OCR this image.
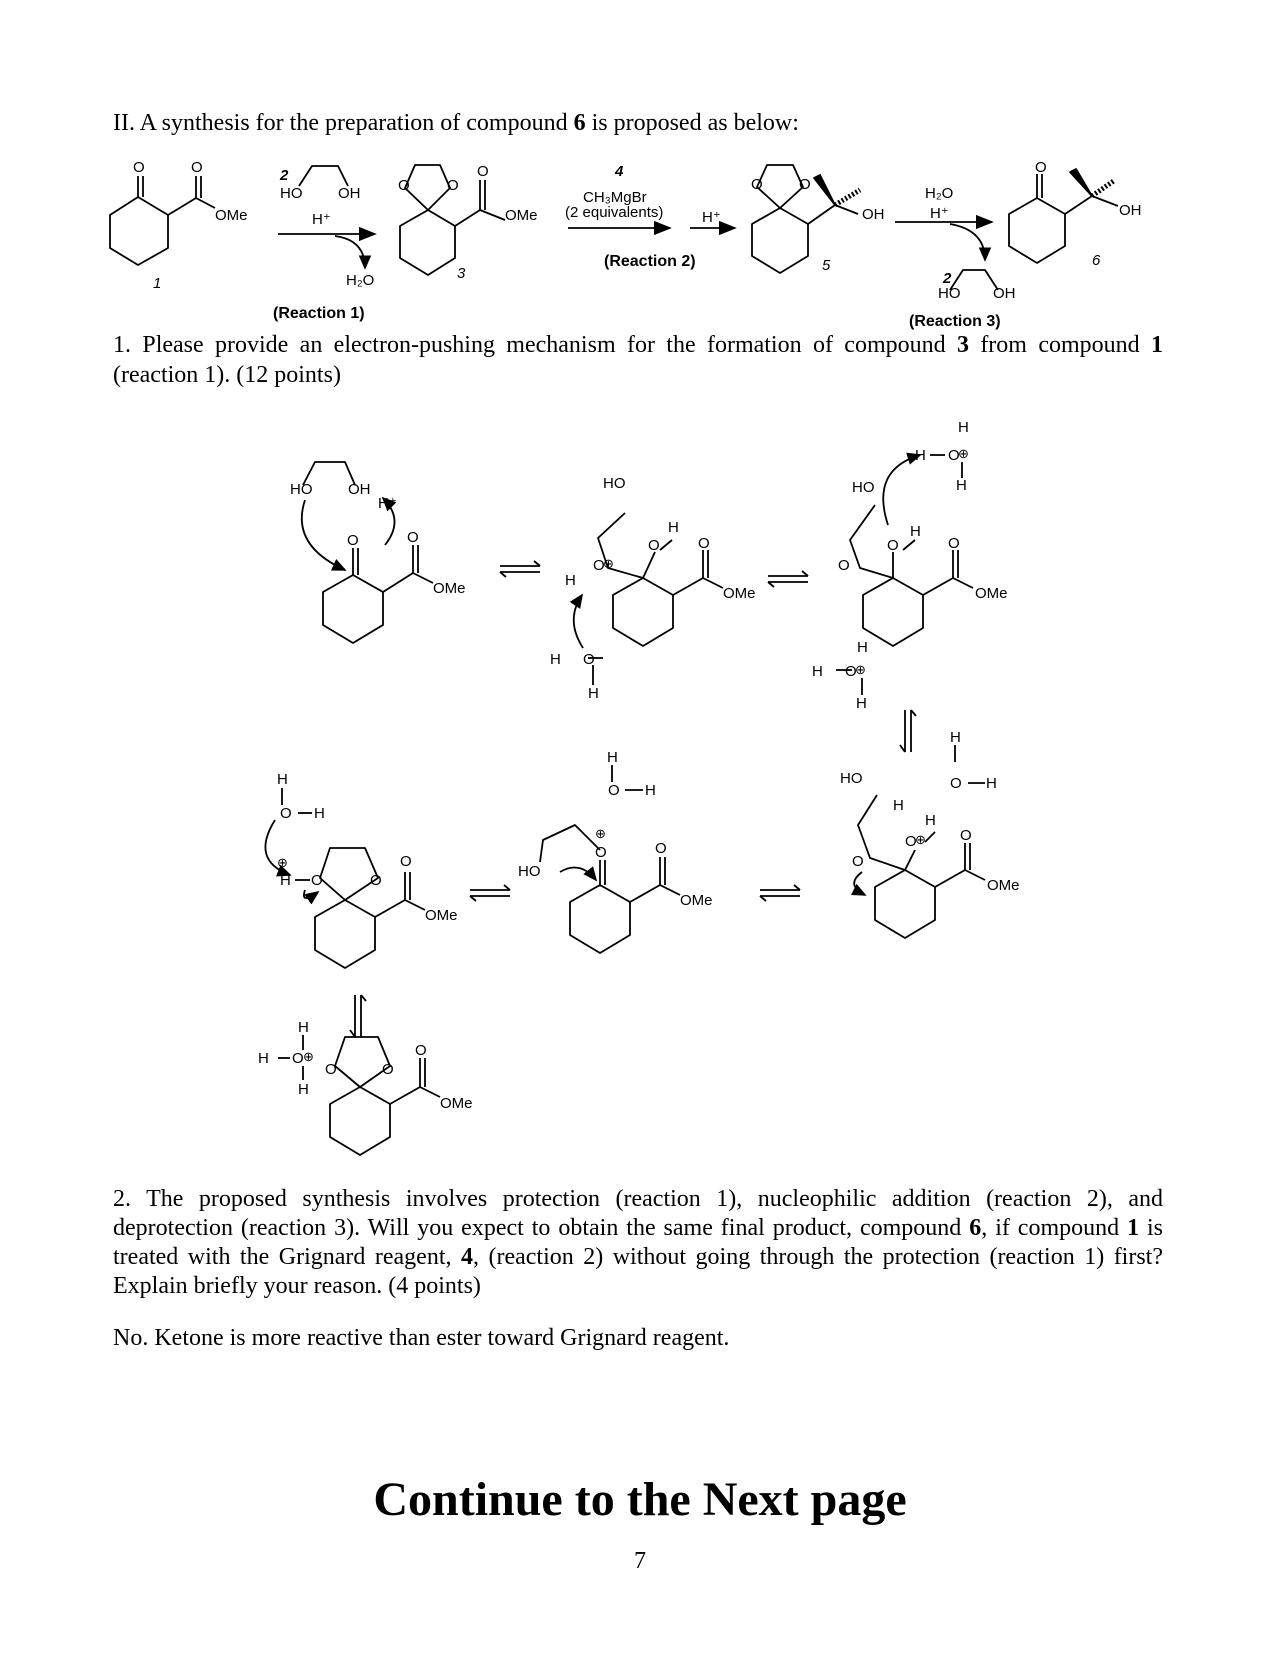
II. A synthesis for the preparation of compound 6 is proposed as below:
O	O
OMe
1
2
HO OH
H⁺
H₂O
(Reaction 1)
O O
O
OMe
3
4
CH₃MgBr
(2 equivalents)	H⁺
(Reaction 2)
O O
OH
5
H₂O
H⁺
2
HO OH
(Reaction 3)
O
OH
6
HO OH
H⁺
O	O
OMe
HO
O
⊕
H
O
H
O
OMe
H O
H
HO
O
O
H
O
OMe
H O
⊕
H
H
H O
⊕
H
H
HO
H
O H
O
H
O
⊕
H
O
OMe
H
O H
O
⊕
HO
O
OMe
H
O H
H
⊕
O	O
O
OMe
H
H O ⊕
H
O	O
O
OMe
1. Please provide an electron-pushing mechanism for the formation of compound 3 from compound 1 (reaction 1). (12 points)
2. The proposed synthesis involves protection (reaction 1), nucleophilic addition (reaction 2), and deprotection (reaction 3). Will you expect to obtain the same final product, compound 6, if compound 1 is treated with the Grignard reagent, 4, (reaction 2) without going through the protection (reaction 1) first? Explain briefly your reason. (4 points)
No. Ketone is more reactive than ester toward Grignard reagent.
Continue to the Next page
7
